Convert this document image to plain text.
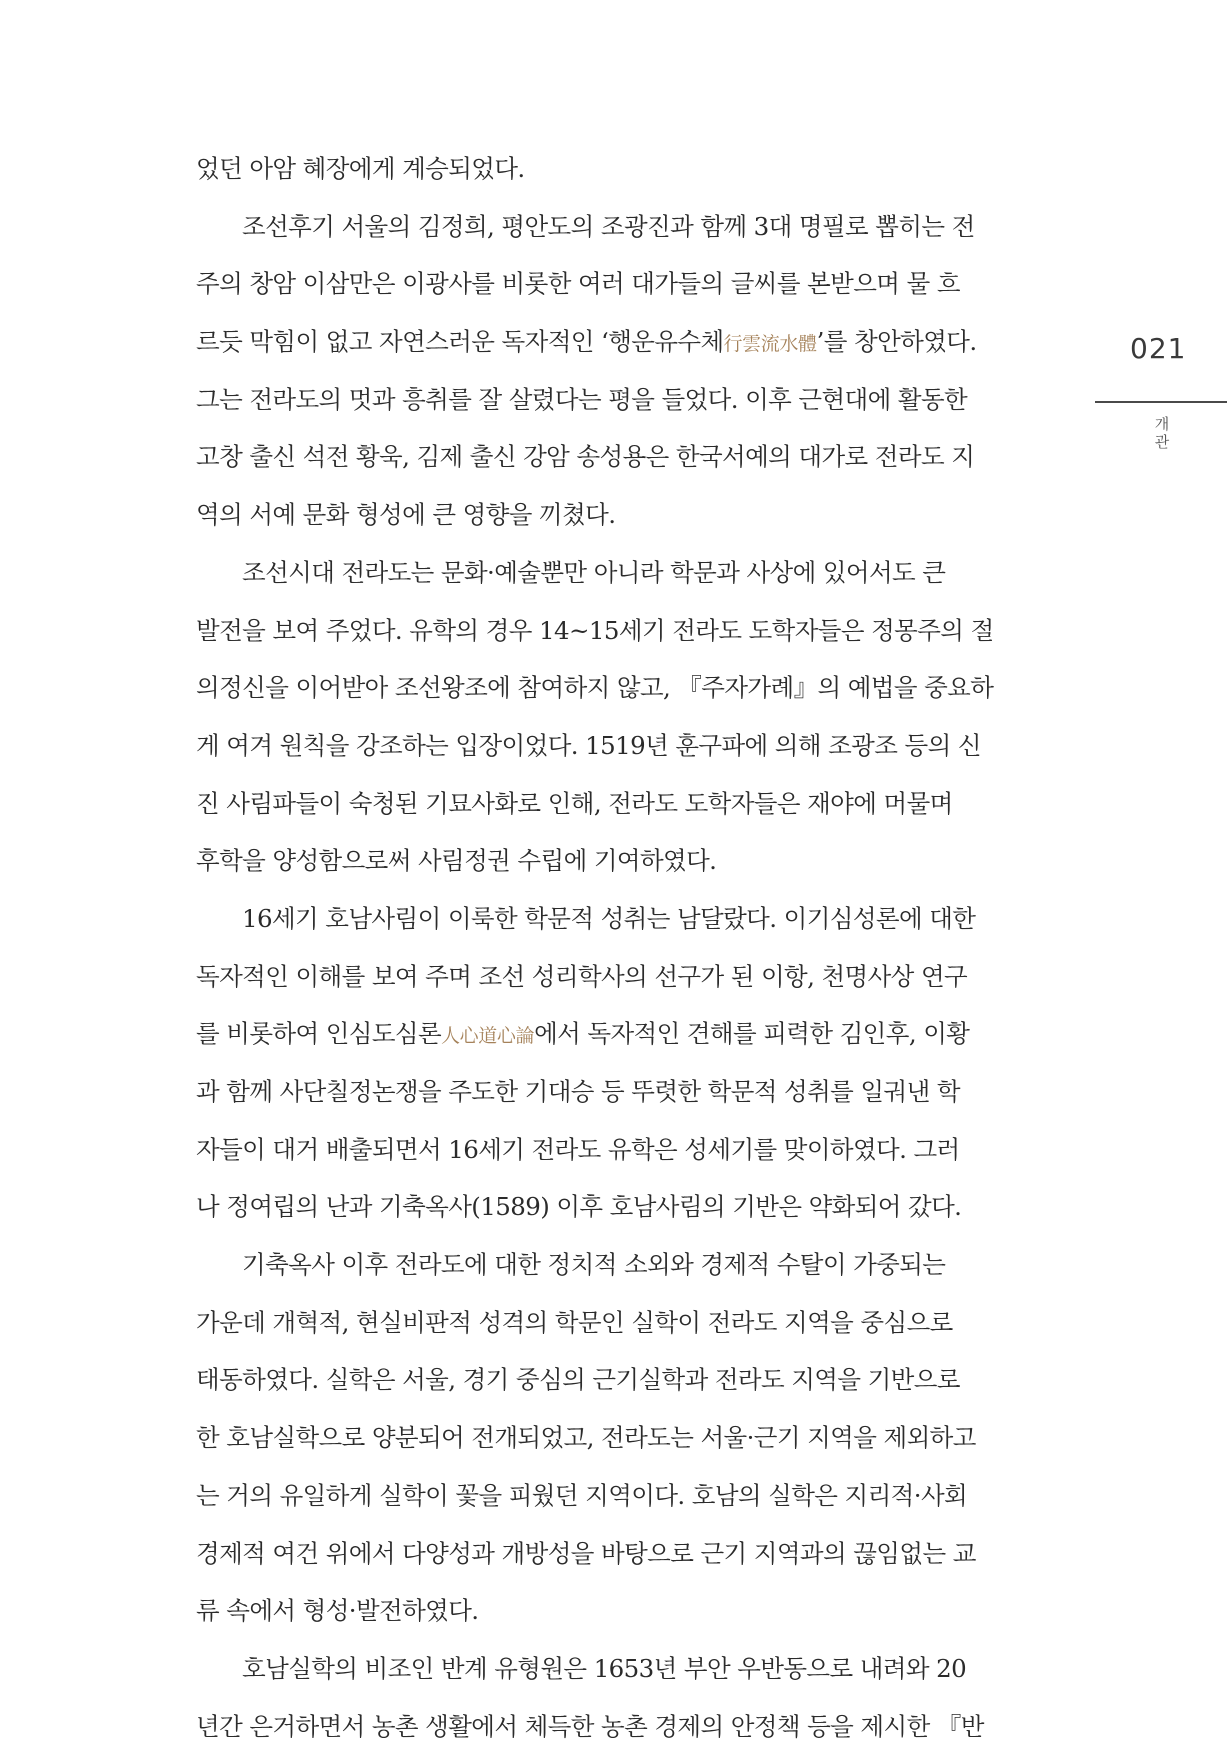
었던 아암 혜장에게 계승되었다.
조선후기 서울의 김정희, 평안도의 조광진과 함께 3대 명필로 뽑히는 전
주의 창암 이삼만은 이광사를 비롯한 여러 대가들의 글씨를 본받으며 물 흐
르듯 막힘이 없고 자연스러운 독자적인 ‘행운유수체行雲流水體’를 창안하였다.
그는 전라도의 멋과 흥취를 잘 살렸다는 평을 들었다. 이후 근현대에 활동한
고창 출신 석전 황욱, 김제 출신 강암 송성용은 한국서예의 대가로 전라도 지
역의 서예 문화 형성에 큰 영향을 끼쳤다.
조선시대 전라도는 문화·예술뿐만 아니라 학문과 사상에 있어서도 큰
발전을 보여 주었다. 유학의 경우 14~15세기 전라도 도학자들은 정몽주의 절
의정신을 이어받아 조선왕조에 참여하지 않고, 『주자가례』의 예법을 중요하
게 여겨 원칙을 강조하는 입장이었다. 1519년 훈구파에 의해 조광조 등의 신
진 사림파들이 숙청된 기묘사화로 인해, 전라도 도학자들은 재야에 머물며
후학을 양성함으로써 사림정권 수립에 기여하였다.
16세기 호남사림이 이룩한 학문적 성취는 남달랐다. 이기심성론에 대한
독자적인 이해를 보여 주며 조선 성리학사의 선구가 된 이항, 천명사상 연구
를 비롯하여 인심도심론人心道心論에서 독자적인 견해를 피력한 김인후, 이황
과 함께 사단칠정논쟁을 주도한 기대승 등 뚜렷한 학문적 성취를 일궈낸 학
자들이 대거 배출되면서 16세기 전라도 유학은 성세기를 맞이하였다. 그러
나 정여립의 난과 기축옥사(1589) 이후 호남사림의 기반은 약화되어 갔다.
기축옥사 이후 전라도에 대한 정치적 소외와 경제적 수탈이 가중되는
가운데 개혁적, 현실비판적 성격의 학문인 실학이 전라도 지역을 중심으로
태동하였다. 실학은 서울, 경기 중심의 근기실학과 전라도 지역을 기반으로
한 호남실학으로 양분되어 전개되었고, 전라도는 서울·근기 지역을 제외하고
는 거의 유일하게 실학이 꽃을 피웠던 지역이다. 호남의 실학은 지리적·사회
경제적 여건 위에서 다양성과 개방성을 바탕으로 근기 지역과의 끊임없는 교
류 속에서 형성·발전하였다.
호남실학의 비조인 반계 유형원은 1653년 부안 우반동으로 내려와 20
년간 은거하면서 농촌 생활에서 체득한 농촌 경제의 안정책 등을 제시한 『반
021
개
관
